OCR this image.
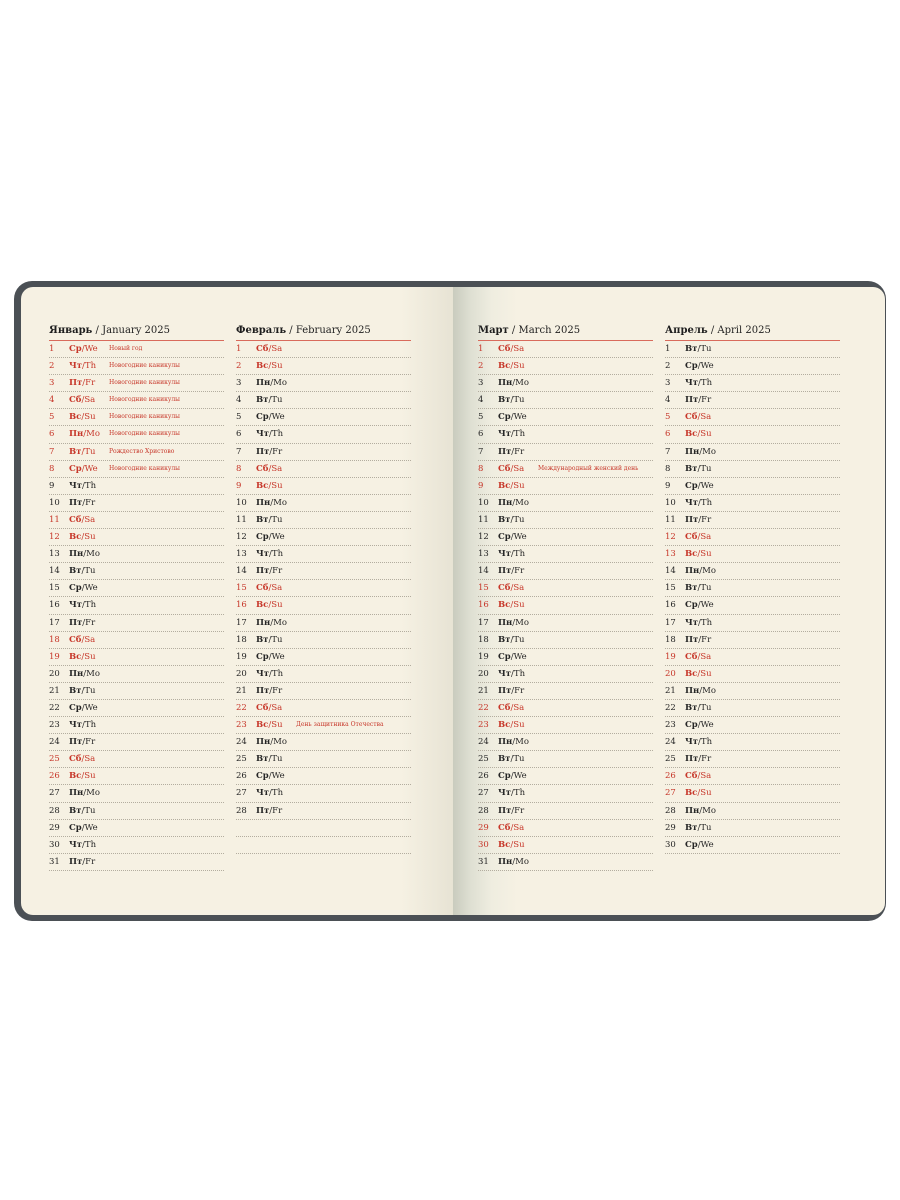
Январь / January 2025
1 Ср/We Новый год
2 Чт/Th Новогодние каникулы
3 Пт/Fr Новогодние каникулы
4 Сб/Sa Новогодние каникулы
5 Вс/Su Новогодние каникулы
6 Пн/Mo Новогодние каникулы
7 Вт/Tu Рождество Христово
8 Ср/We Новогодние каникулы
9 Чт/Th
10 Пт/Fr
11 Сб/Sa
12 Вс/Su
13 Пн/Mo
14 Вт/Tu
15 Ср/We
16 Чт/Th
17 Пт/Fr
18 Сб/Sa
19 Вс/Su
20 Пн/Mo
21 Вт/Tu
22 Ср/We
23 Чт/Th
24 Пт/Fr
25 Сб/Sa
26 Вс/Su
27 Пн/Mo
28 Вт/Tu
29 Ср/We
30 Чт/Th
31 Пт/Fr
Февраль / February 2025
1 Сб/Sa
2 Вс/Su
3 Пн/Mo
4 Вт/Tu
5 Ср/We
6 Чт/Th
7 Пт/Fr
8 Сб/Sa
9 Вс/Su
10 Пн/Mo
11 Вт/Tu
12 Ср/We
13 Чт/Th
14 Пт/Fr
15 Сб/Sa
16 Вс/Su
17 Пн/Mo
18 Вт/Tu
19 Ср/We
20 Чт/Th
21 Пт/Fr
22 Сб/Sa
23 Вс/Su День защитника Отечества
24 Пн/Mo
25 Вт/Tu
26 Ср/We
27 Чт/Th
28 Пт/Fr
Март / March 2025
1 Сб/Sa
2 Вс/Su
3 Пн/Mo
4 Вт/Tu
5 Ср/We
6 Чт/Th
7 Пт/Fr
8 Сб/Sa Международный женский день
9 Вс/Su
10 Пн/Mo
11 Вт/Tu
12 Ср/We
13 Чт/Th
14 Пт/Fr
15 Сб/Sa
16 Вс/Su
17 Пн/Mo
18 Вт/Tu
19 Ср/We
20 Чт/Th
21 Пт/Fr
22 Сб/Sa
23 Вс/Su
24 Пн/Mo
25 Вт/Tu
26 Ср/We
27 Чт/Th
28 Пт/Fr
29 Сб/Sa
30 Вс/Su
31 Пн/Mo
Апрель / April 2025
1 Вт/Tu
2 Ср/We
3 Чт/Th
4 Пт/Fr
5 Сб/Sa
6 Вс/Su
7 Пн/Mo
8 Вт/Tu
9 Ср/We
10 Чт/Th
11 Пт/Fr
12 Сб/Sa
13 Вс/Su
14 Пн/Mo
15 Вт/Tu
16 Ср/We
17 Чт/Th
18 Пт/Fr
19 Сб/Sa
20 Вс/Su
21 Пн/Mo
22 Вт/Tu
23 Ср/We
24 Чт/Th
25 Пт/Fr
26 Сб/Sa
27 Вс/Su
28 Пн/Mo
29 Вт/Tu
30 Ср/We
